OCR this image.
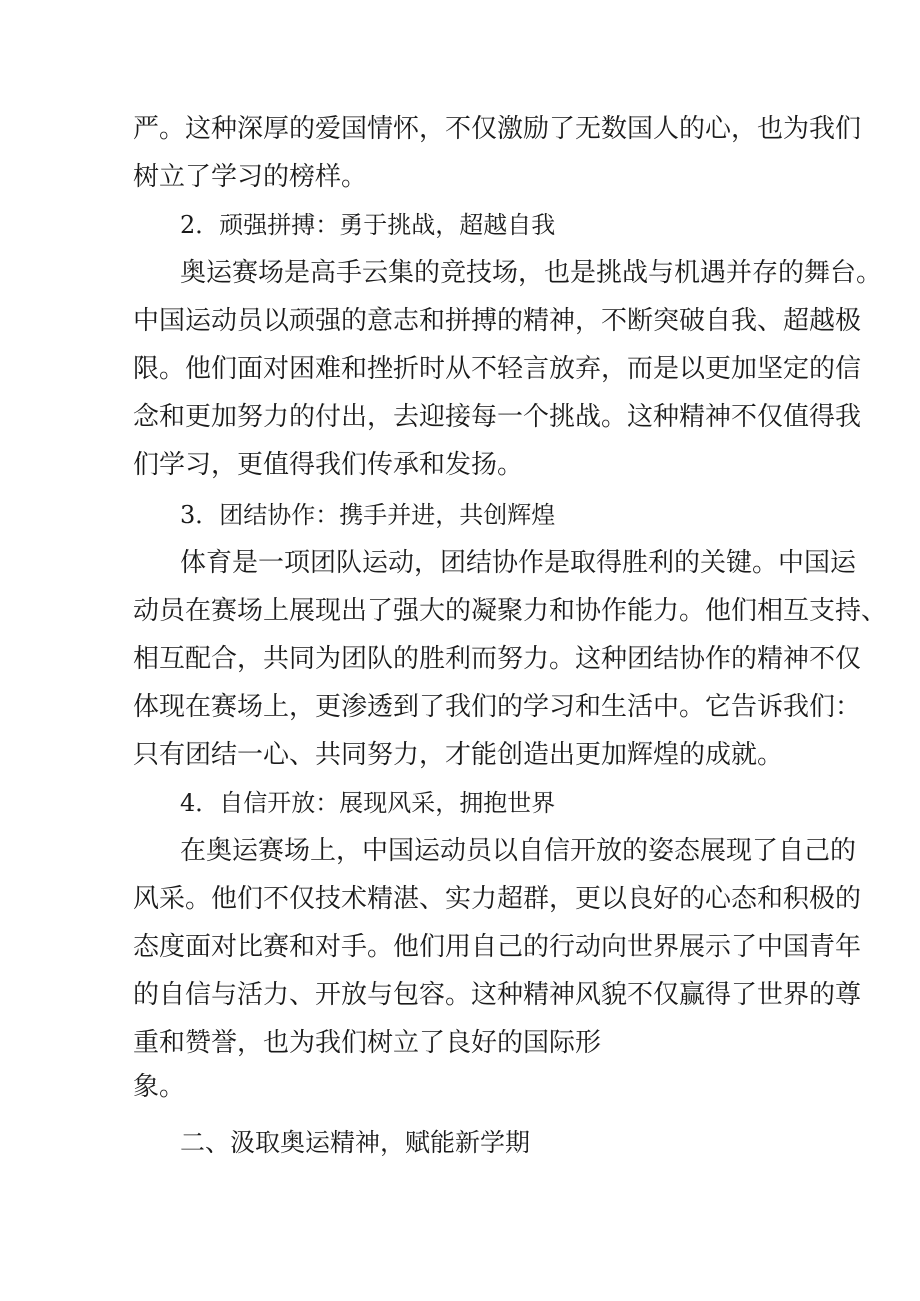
严。这种深厚的爱国情怀，不仅激励了无数国人的心，也为我们
树立了学习的榜样。
2．顽强拼搏：勇于挑战，超越自我
奥运赛场是高手云集的竞技场，也是挑战与机遇并存的舞台。
中国运动员以顽强的意志和拼搏的精神，不断突破自我、超越极
限。他们面对困难和挫折时从不轻言放弃，而是以更加坚定的信
念和更加努力的付出，去迎接每一个挑战。这种精神不仅值得我
们学习，更值得我们传承和发扬。
3．团结协作：携手并进，共创辉煌
体育是一项团队运动，团结协作是取得胜利的关键。中国运
动员在赛场上展现出了强大的凝聚力和协作能力。他们相互支持、
相互配合，共同为团队的胜利而努力。这种团结协作的精神不仅
体现在赛场上，更渗透到了我们的学习和生活中。它告诉我们：
只有团结一心、共同努力，才能创造出更加辉煌的成就。
4．自信开放：展现风采，拥抱世界
在奥运赛场上，中国运动员以自信开放的姿态展现了自己的
风采。他们不仅技术精湛、实力超群，更以良好的心态和积极的
态度面对比赛和对手。他们用自己的行动向世界展示了中国青年
的自信与活力、开放与包容。这种精神风貌不仅赢得了世界的尊
重和赞誉，也为我们树立了良好的国际形
象。
二、汲取奥运精神，赋能新学期
